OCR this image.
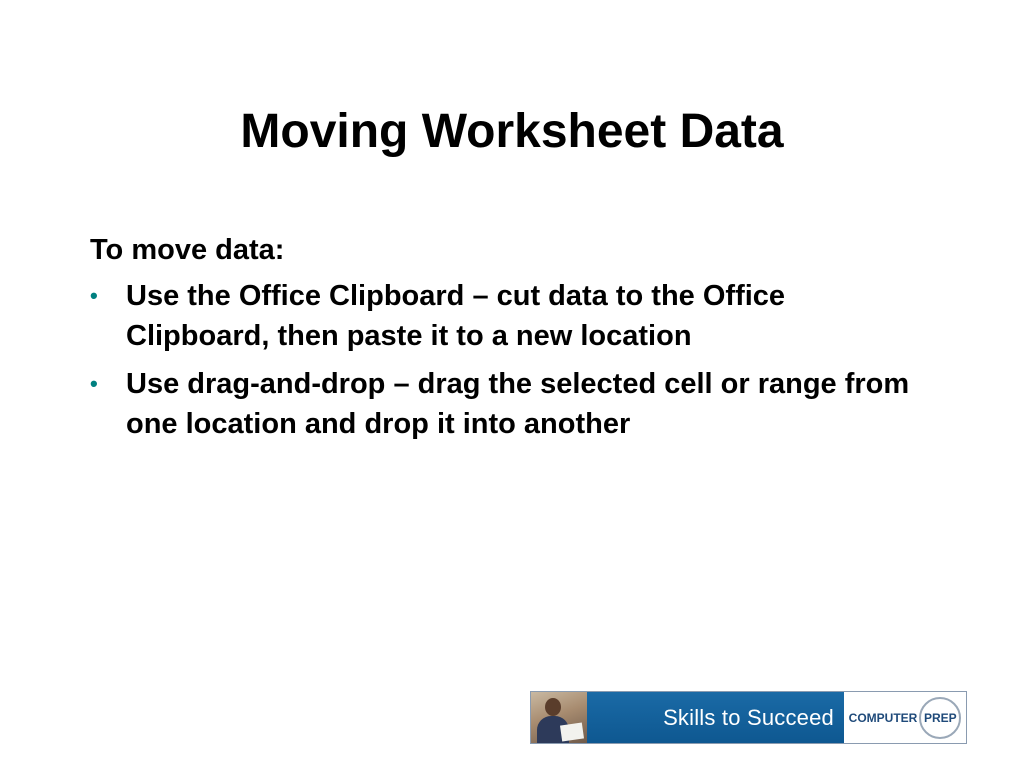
Moving Worksheet Data

To move data:

• Use the Office Clipboard – cut data to the Office Clipboard, then paste it to a new location
• Use drag-and-drop – drag the selected cell or range from one location and drop it into another
Skills to Succeed COMPUTER PREP
